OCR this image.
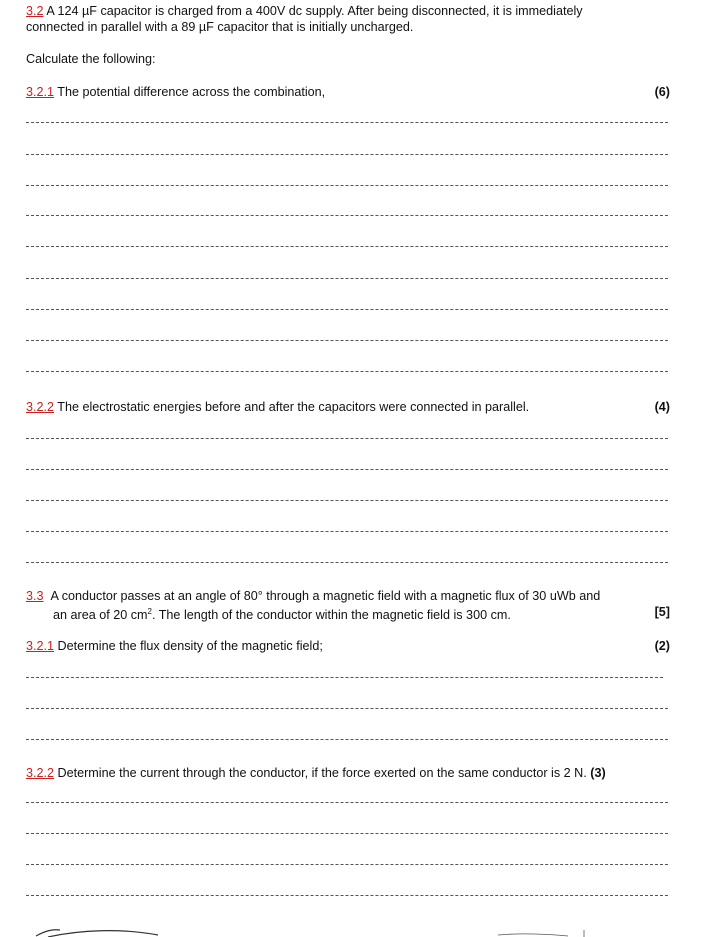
3.2 A 124 µF capacitor is charged from a 400V dc supply. After being disconnected, it is immediately
connected in parallel with a 89 µF capacitor that is initially uncharged.
Calculate the following:
3.2.1 The potential difference across the combination,	(6)
3.2.2 The electrostatic energies before and after the capacitors were connected in parallel.	(4)
3.3 A conductor passes at an angle of 80° through a magnetic field with a magnetic flux of 30 uWb and
an area of 20 $cm^2$. The length of the conductor within the magnetic field is 300 cm.	[5]
3.2.1 Determine the flux density of the magnetic field;	(2)
3.2.2 Determine the current through the conductor, if the force exerted on the same conductor is 2 N. (3)
